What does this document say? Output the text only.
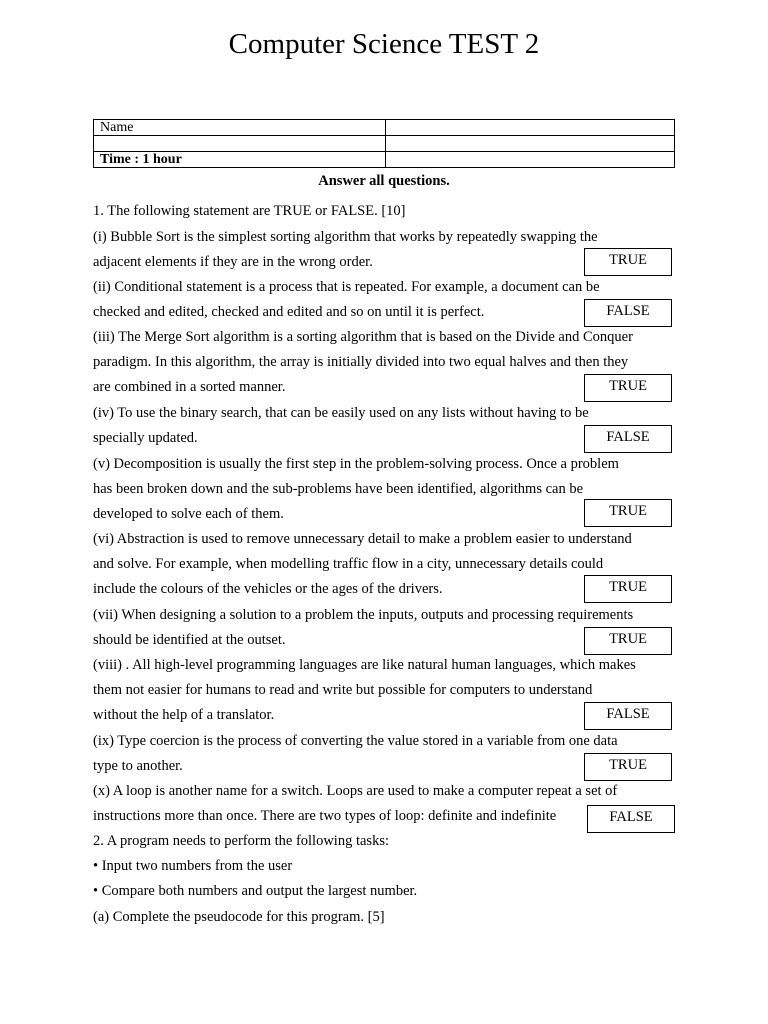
Computer Science TEST 2
Name	

Time : 1 hour	
Answer all questions.
1. The following statement are TRUE or FALSE. [10]
(i) Bubble Sort is the simplest sorting algorithm that works by repeatedly swapping the
adjacent elements if they are in the wrong order.	TRUE
(ii) Conditional statement is a process that is repeated. For example, a document can be
checked and edited, checked and edited and so on until it is perfect.	FALSE
(iii) The Merge Sort algorithm is a sorting algorithm that is based on the Divide and Conquer
paradigm. In this algorithm, the array is initially divided into two equal halves and then they
are combined in a sorted manner.	TRUE
(iv) To use the binary search, that can be easily used on any lists without having to be
specially updated.	FALSE
(v) Decomposition is usually the first step in the problem-solving process. Once a problem
has been broken down and the sub-problems have been identified, algorithms can be
developed to solve each of them.	TRUE
(vi) Abstraction is used to remove unnecessary detail to make a problem easier to understand
and solve. For example, when modelling traffic flow in a city, unnecessary details could
include the colours of the vehicles or the ages of the drivers.	TRUE
(vii) When designing a solution to a problem the inputs, outputs and processing requirements
should be identified at the outset.	TRUE
(viii) . All high-level programming languages are like natural human languages, which makes
them not easier for humans to read and write but possible for computers to understand
without the help of a translator.	FALSE
(ix) Type coercion is the process of converting the value stored in a variable from one data
type to another.	TRUE
(x) A loop is another name for a switch. Loops are used to make a computer repeat a set of
instructions more than once. There are two types of loop: definite and indefinite	FALSE
2. A program needs to perform the following tasks:
• Input two numbers from the user
• Compare both numbers and output the largest number.
(a) Complete the pseudocode for this program. [5]
